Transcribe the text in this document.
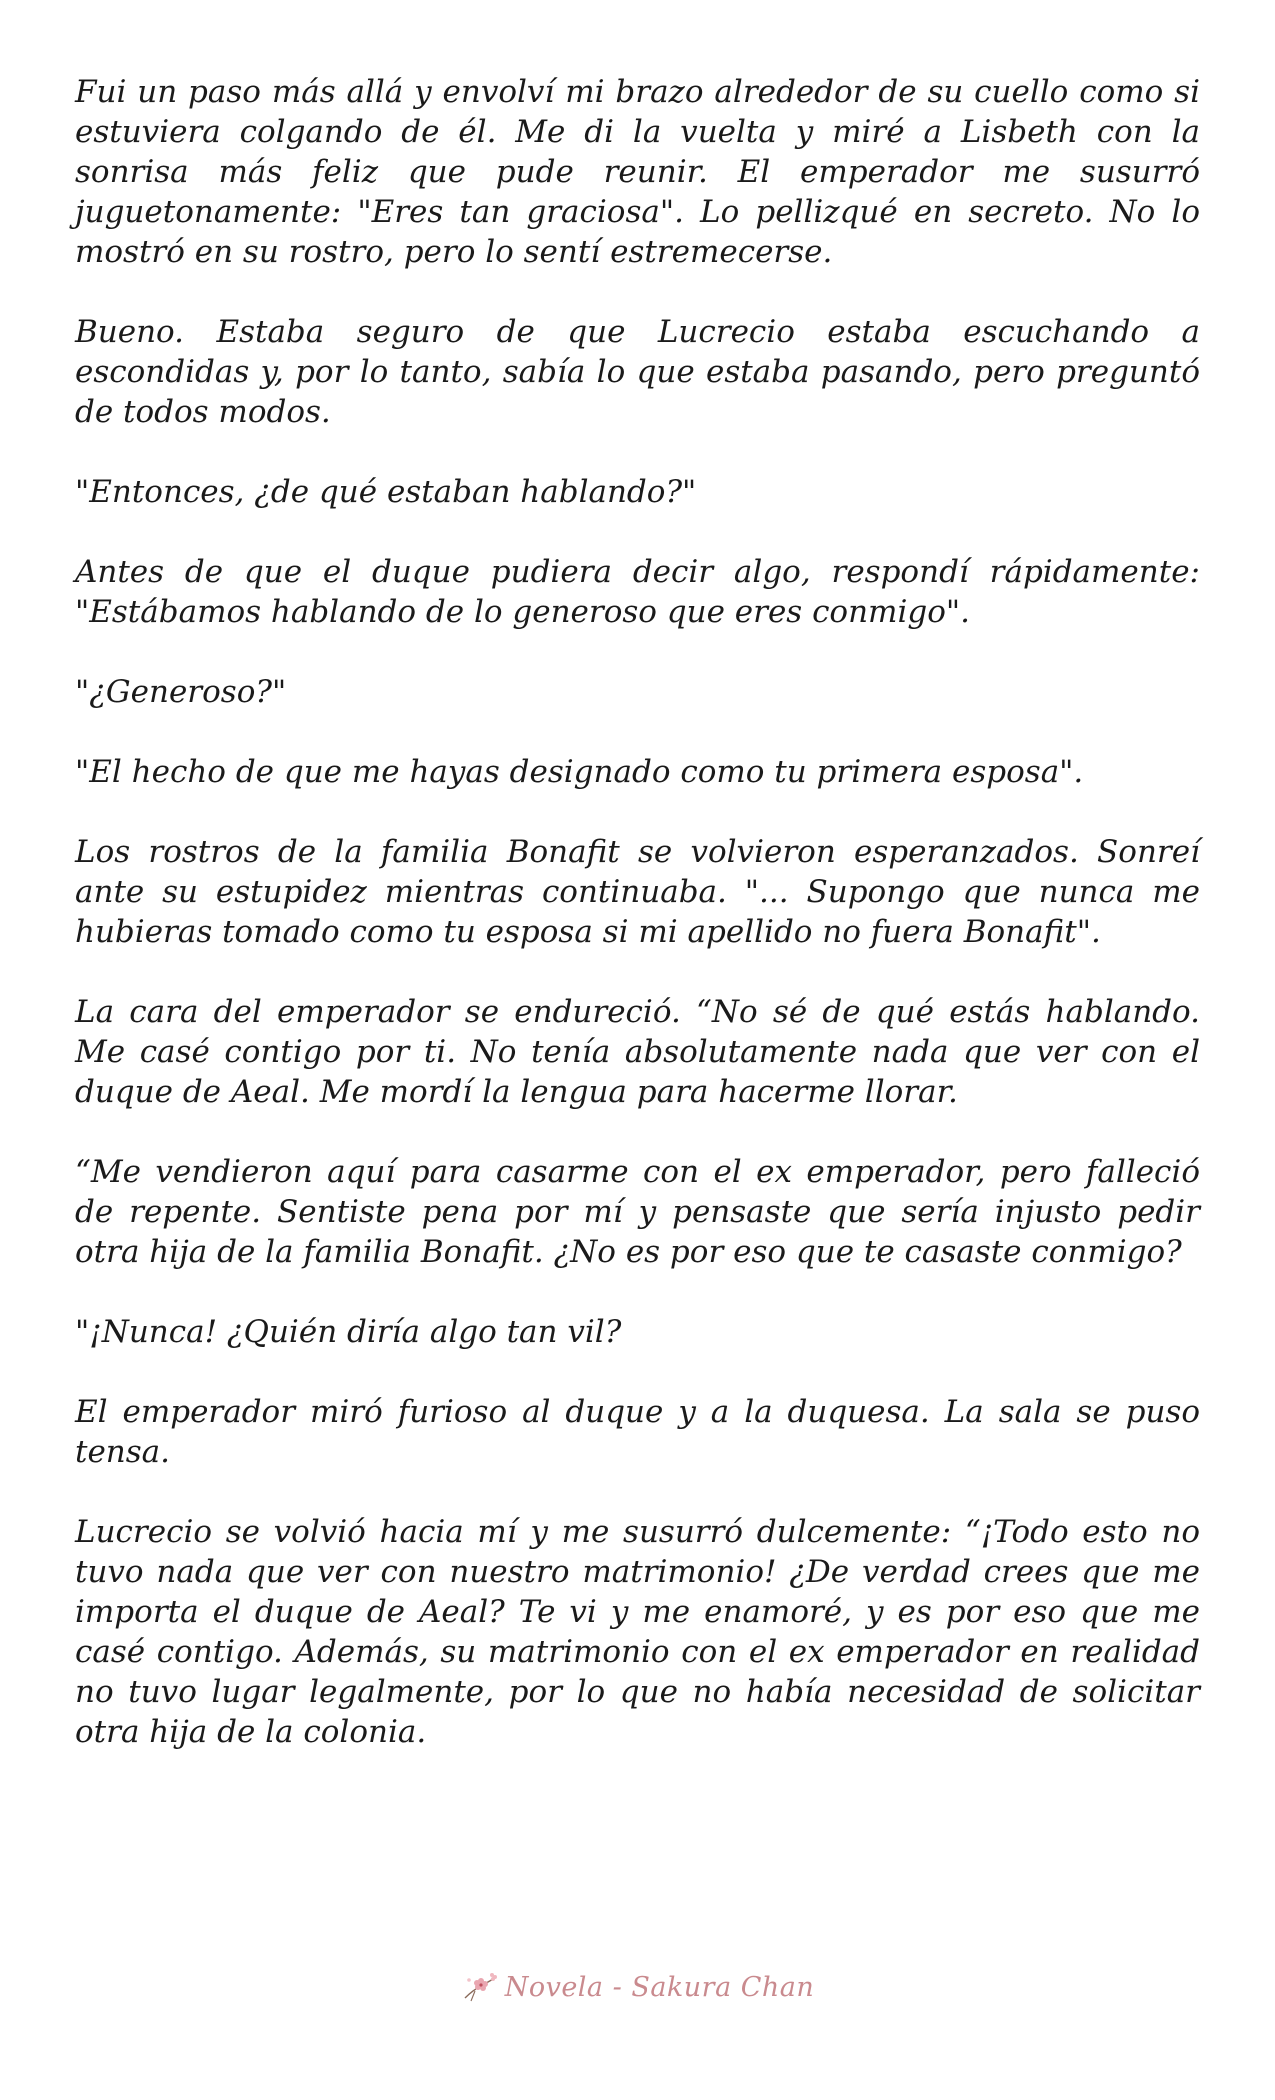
Fui un paso más allá y envolví mi brazo alrededor de su cuello como si estuviera colgando de él. Me di la vuelta y miré a Lisbeth con la sonrisa más feliz que pude reunir. El emperador me susurró juguetonamente: "Eres tan graciosa". Lo pellizqué en secreto. No lo mostró en su rostro, pero lo sentí estremecerse.

Bueno. Estaba seguro de que Lucrecio estaba escuchando a escondidas y, por lo tanto, sabía lo que estaba pasando, pero preguntó de todos modos.

"Entonces, ¿de qué estaban hablando?"

Antes de que el duque pudiera decir algo, respondí rápidamente: "Estábamos hablando de lo generoso que eres conmigo".

"¿Generoso?"

"El hecho de que me hayas designado como tu primera esposa".

Los rostros de la familia Bonafit se volvieron esperanzados. Sonreí ante su estupidez mientras continuaba. "... Supongo que nunca me hubieras tomado como tu esposa si mi apellido no fuera Bonafit".

La cara del emperador se endureció. “No sé de qué estás hablando. Me casé contigo por ti. No tenía absolutamente nada que ver con el duque de Aeal. Me mordí la lengua para hacerme llorar.

“Me vendieron aquí para casarme con el ex emperador, pero falleció de repente. Sentiste pena por mí y pensaste que sería injusto pedir otra hija de la familia Bonafit. ¿No es por eso que te casaste conmigo?

"¡Nunca! ¿Quién diría algo tan vil?

El emperador miró furioso al duque y a la duquesa. La sala se puso tensa.

Lucrecio se volvió hacia mí y me susurró dulcemente: “¡Todo esto no tuvo nada que ver con nuestro matrimonio! ¿De verdad crees que me importa el duque de Aeal? Te vi y me enamoré, y es por eso que me casé contigo. Además, su matrimonio con el ex emperador en realidad no tuvo lugar legalmente, por lo que no había necesidad de solicitar otra hija de la colonia.

Novela - Sakura Chan
